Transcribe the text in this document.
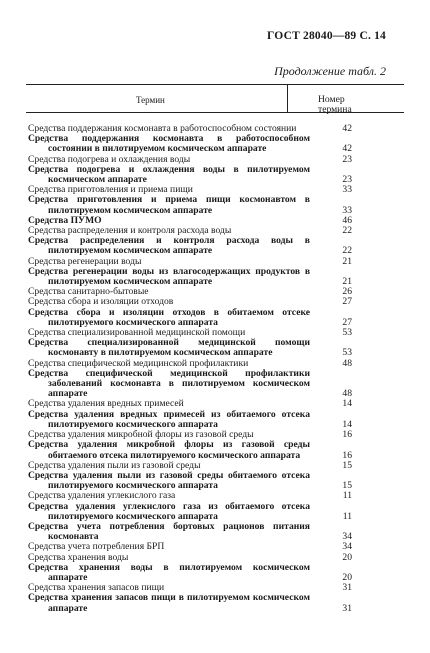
ГОСТ 28040—89 С. 14
Продолжение табл. 2
Термин	Номер термина
Средства поддержания космонавта в работоспособном состоянии	42
Средства поддержания космонавта в работоспособном состоянии в пилотируемом космическом аппарате	42
Средства подогрева и охлаждения воды	23
Средства подогрева и охлаждения воды в пилотируемом космическом аппарате	23
Средства приготовления и приема пищи	33
Средства приготовления и приема пищи космонавтом в пилотируемом космическом аппарате	33
Средства ПУМО	46
Средства распределения и контроля расхода воды	22
Средства распределения и контроля расхода воды в пилотируемом космическом аппарате	22
Средства регенерации воды	21
Средства регенерации воды из влагосодержащих продуктов в пилотируемом космическом аппарате	21
Средства санитарно-бытовые	26
Средства сбора и изоляции отходов	27
Средства сбора и изоляции отходов в обитаемом отсеке пилотируемого космического аппарата	27
Средства специализированной медицинской помощи	53
Средства специализированной медицинской помощи космонавту в пилотируемом космическом аппарате	53
Средства специфической медицинской профилактики	48
Средства специфической медицинской профилактики заболеваний космонавта в пилотируемом космическом аппарате	48
Средства удаления вредных примесей	14
Средства удаления вредных примесей из обитаемого отсека пилотируемого космического аппарата	14
Средства удаления микробной флоры из газовой среды	16
Средства удаления микробной флоры из газовой среды обитаемого отсека пилотируемого космического аппарата	16
Средства удаления пыли из газовой среды	15
Средства удаления пыли из газовой среды обитаемого отсека пилотируемого космического аппарата	15
Средства удаления углекислого газа	11
Средства удаления углекислого газа из обитаемого отсека пилотируемого космического аппарата	11
Средства учета потребления бортовых рационов питания космонавта	34
Средства учета потребления БРП	34
Средства хранения воды	20
Средства хранения воды в пилотируемом космическом аппарате	20
Средства хранения запасов пищи	31
Средства хранения запасов пищи в пилотируемом космическом аппарате	31
